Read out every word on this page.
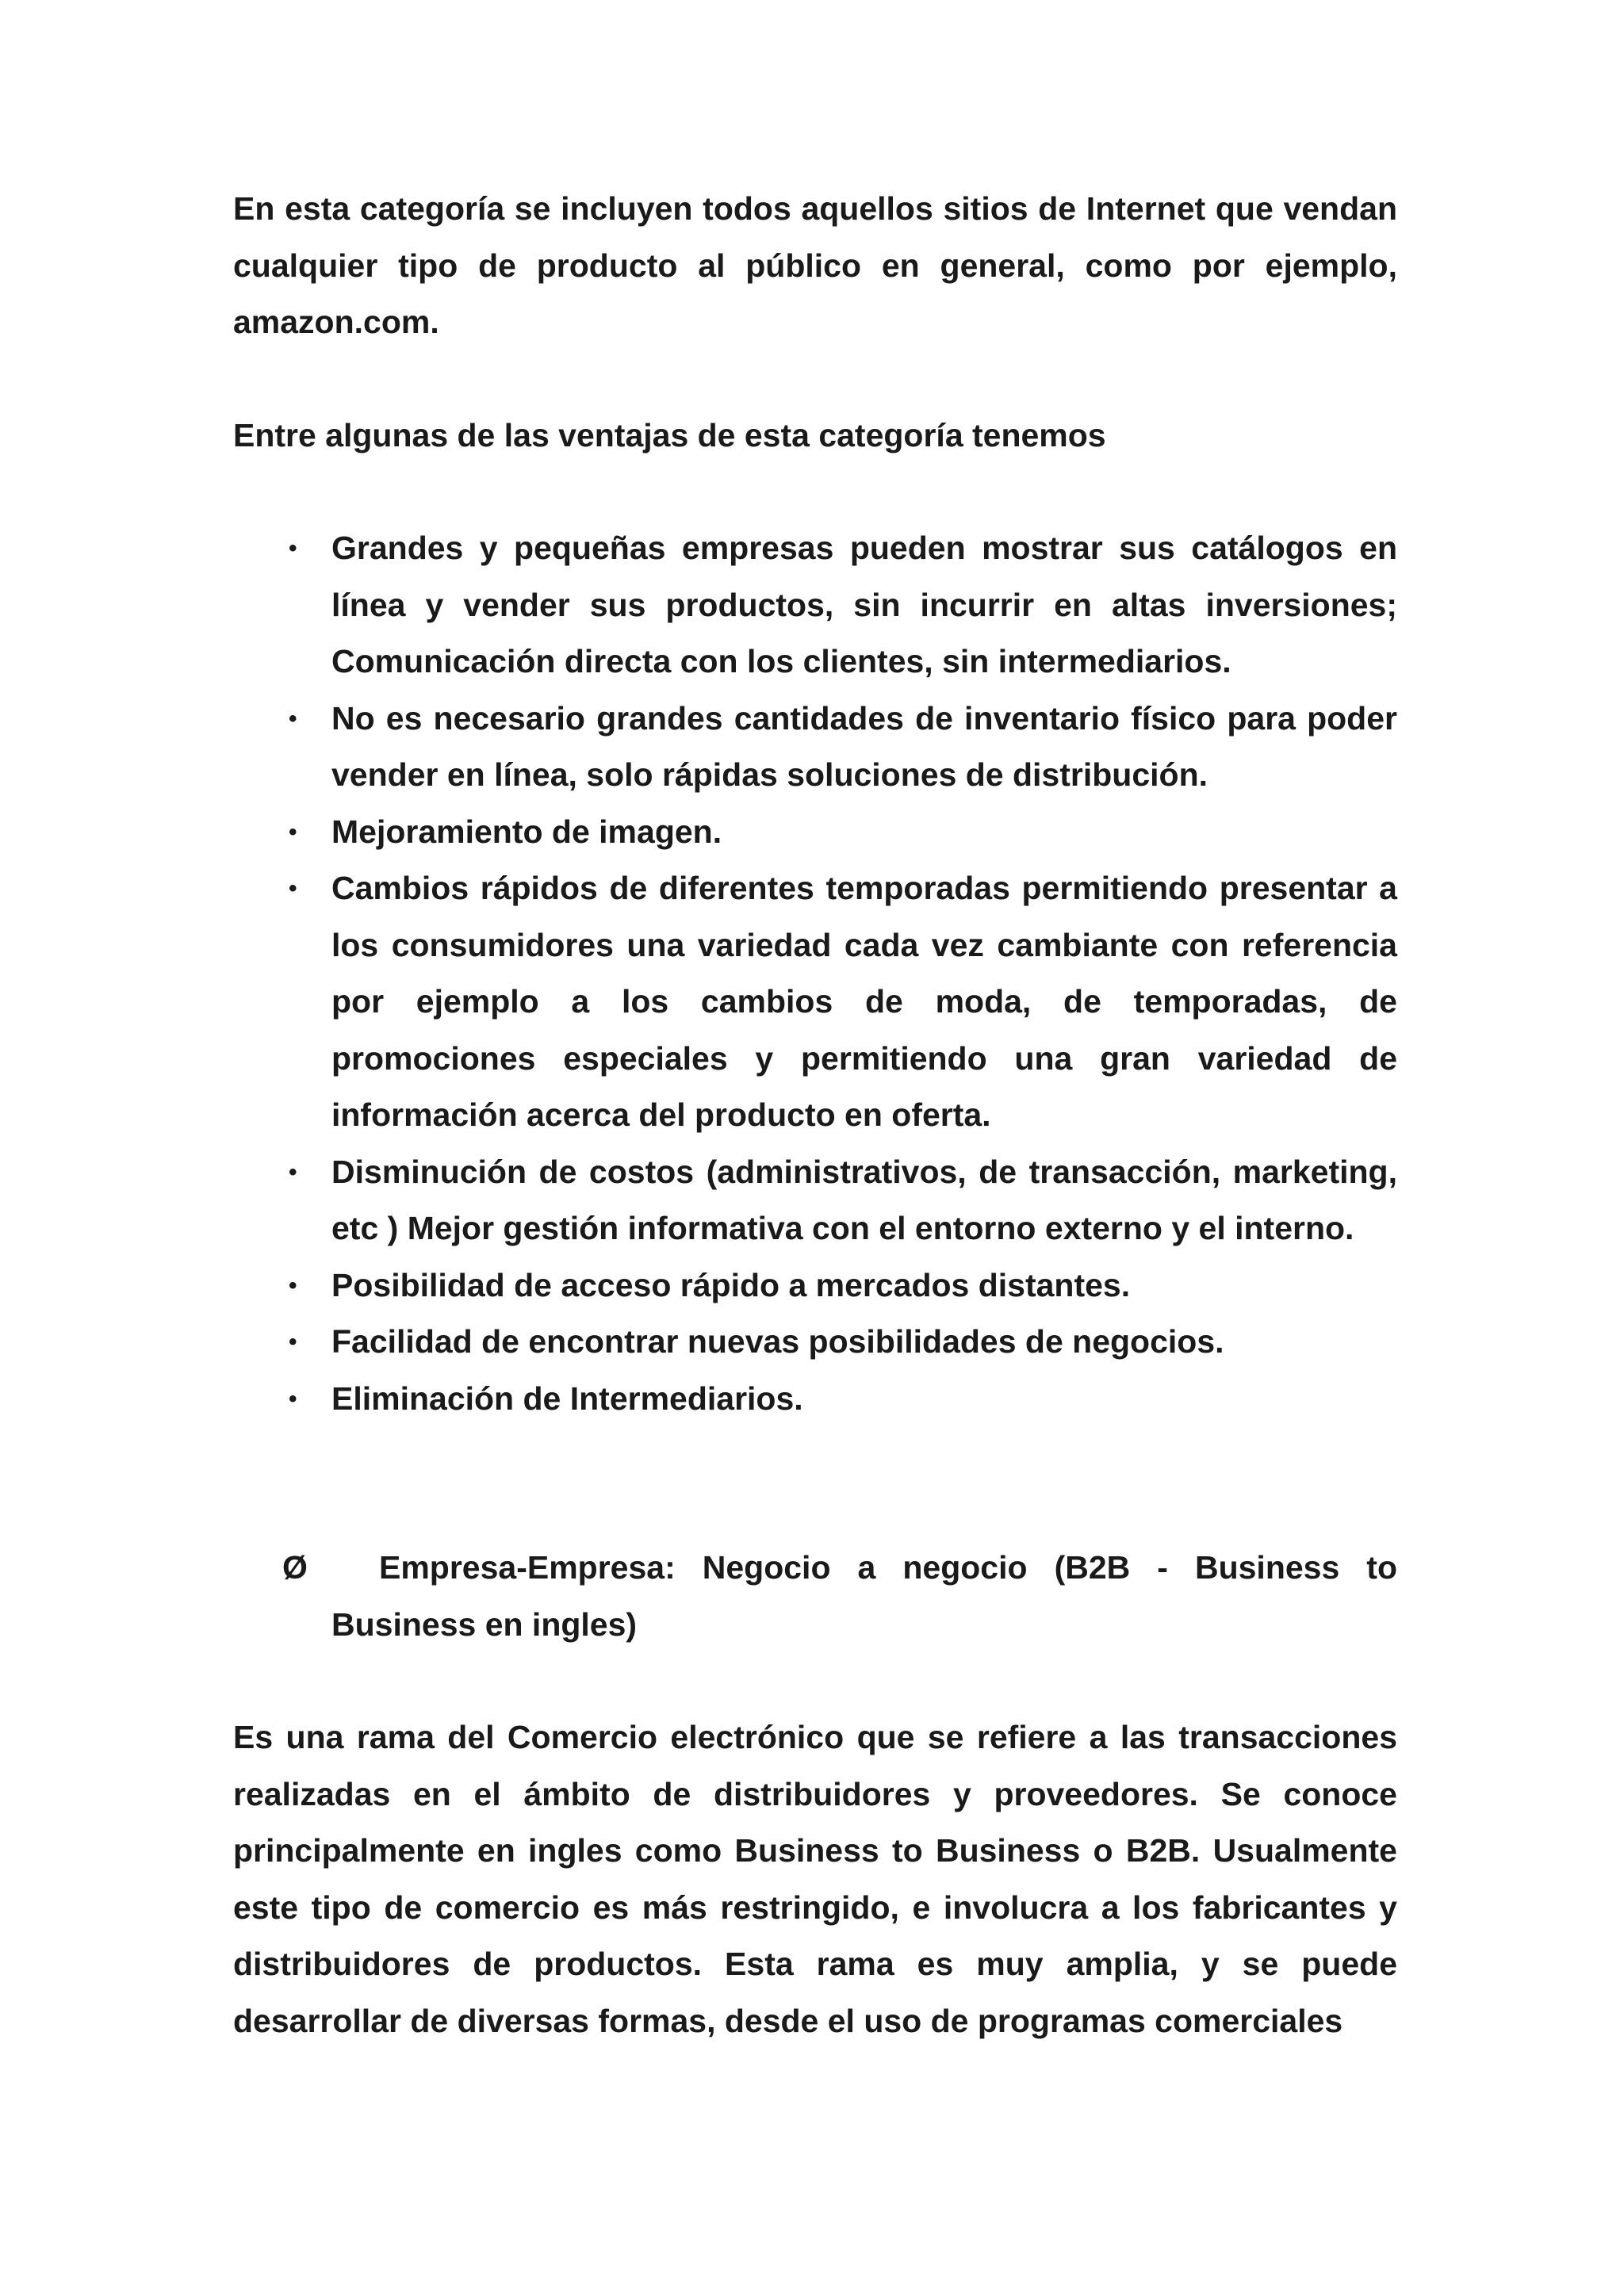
En esta categoría se incluyen todos aquellos sitios de Internet que vendan cualquier tipo de producto al público en general, como por ejemplo, amazon.com.

Entre algunas de las ventajas de esta categoría tenemos

• Grandes y pequeñas empresas pueden mostrar sus catálogos en línea y vender sus productos, sin incurrir en altas inversiones; Comunicación directa con los clientes, sin intermediarios.
• No es necesario grandes cantidades de inventario físico para poder vender en línea, solo rápidas soluciones de distribución.
• Mejoramiento de imagen.
• Cambios rápidos de diferentes temporadas permitiendo presentar a los consumidores una variedad cada vez cambiante con referencia por ejemplo a los cambios de moda, de temporadas, de promociones especiales y permitiendo una gran variedad de información acerca del producto en oferta.
• Disminución de costos (administrativos, de transacción, marketing, etc ) Mejor gestión informativa con el entorno externo y el interno.
• Posibilidad de acceso rápido a mercados distantes.
• Facilidad de encontrar nuevas posibilidades de negocios.
• Eliminación de Intermediarios.
Ø	Empresa-Empresa: Negocio a negocio (B2B - Business to Business en ingles)

Es una rama del Comercio electrónico que se refiere a las transacciones realizadas en el ámbito de distribuidores y proveedores. Se conoce principalmente en ingles como Business to Business o B2B. Usualmente este tipo de comercio es más restringido, e involucra a los fabricantes y distribuidores de productos. Esta rama es muy amplia, y se puede desarrollar de diversas formas, desde el uso de programas comerciales
